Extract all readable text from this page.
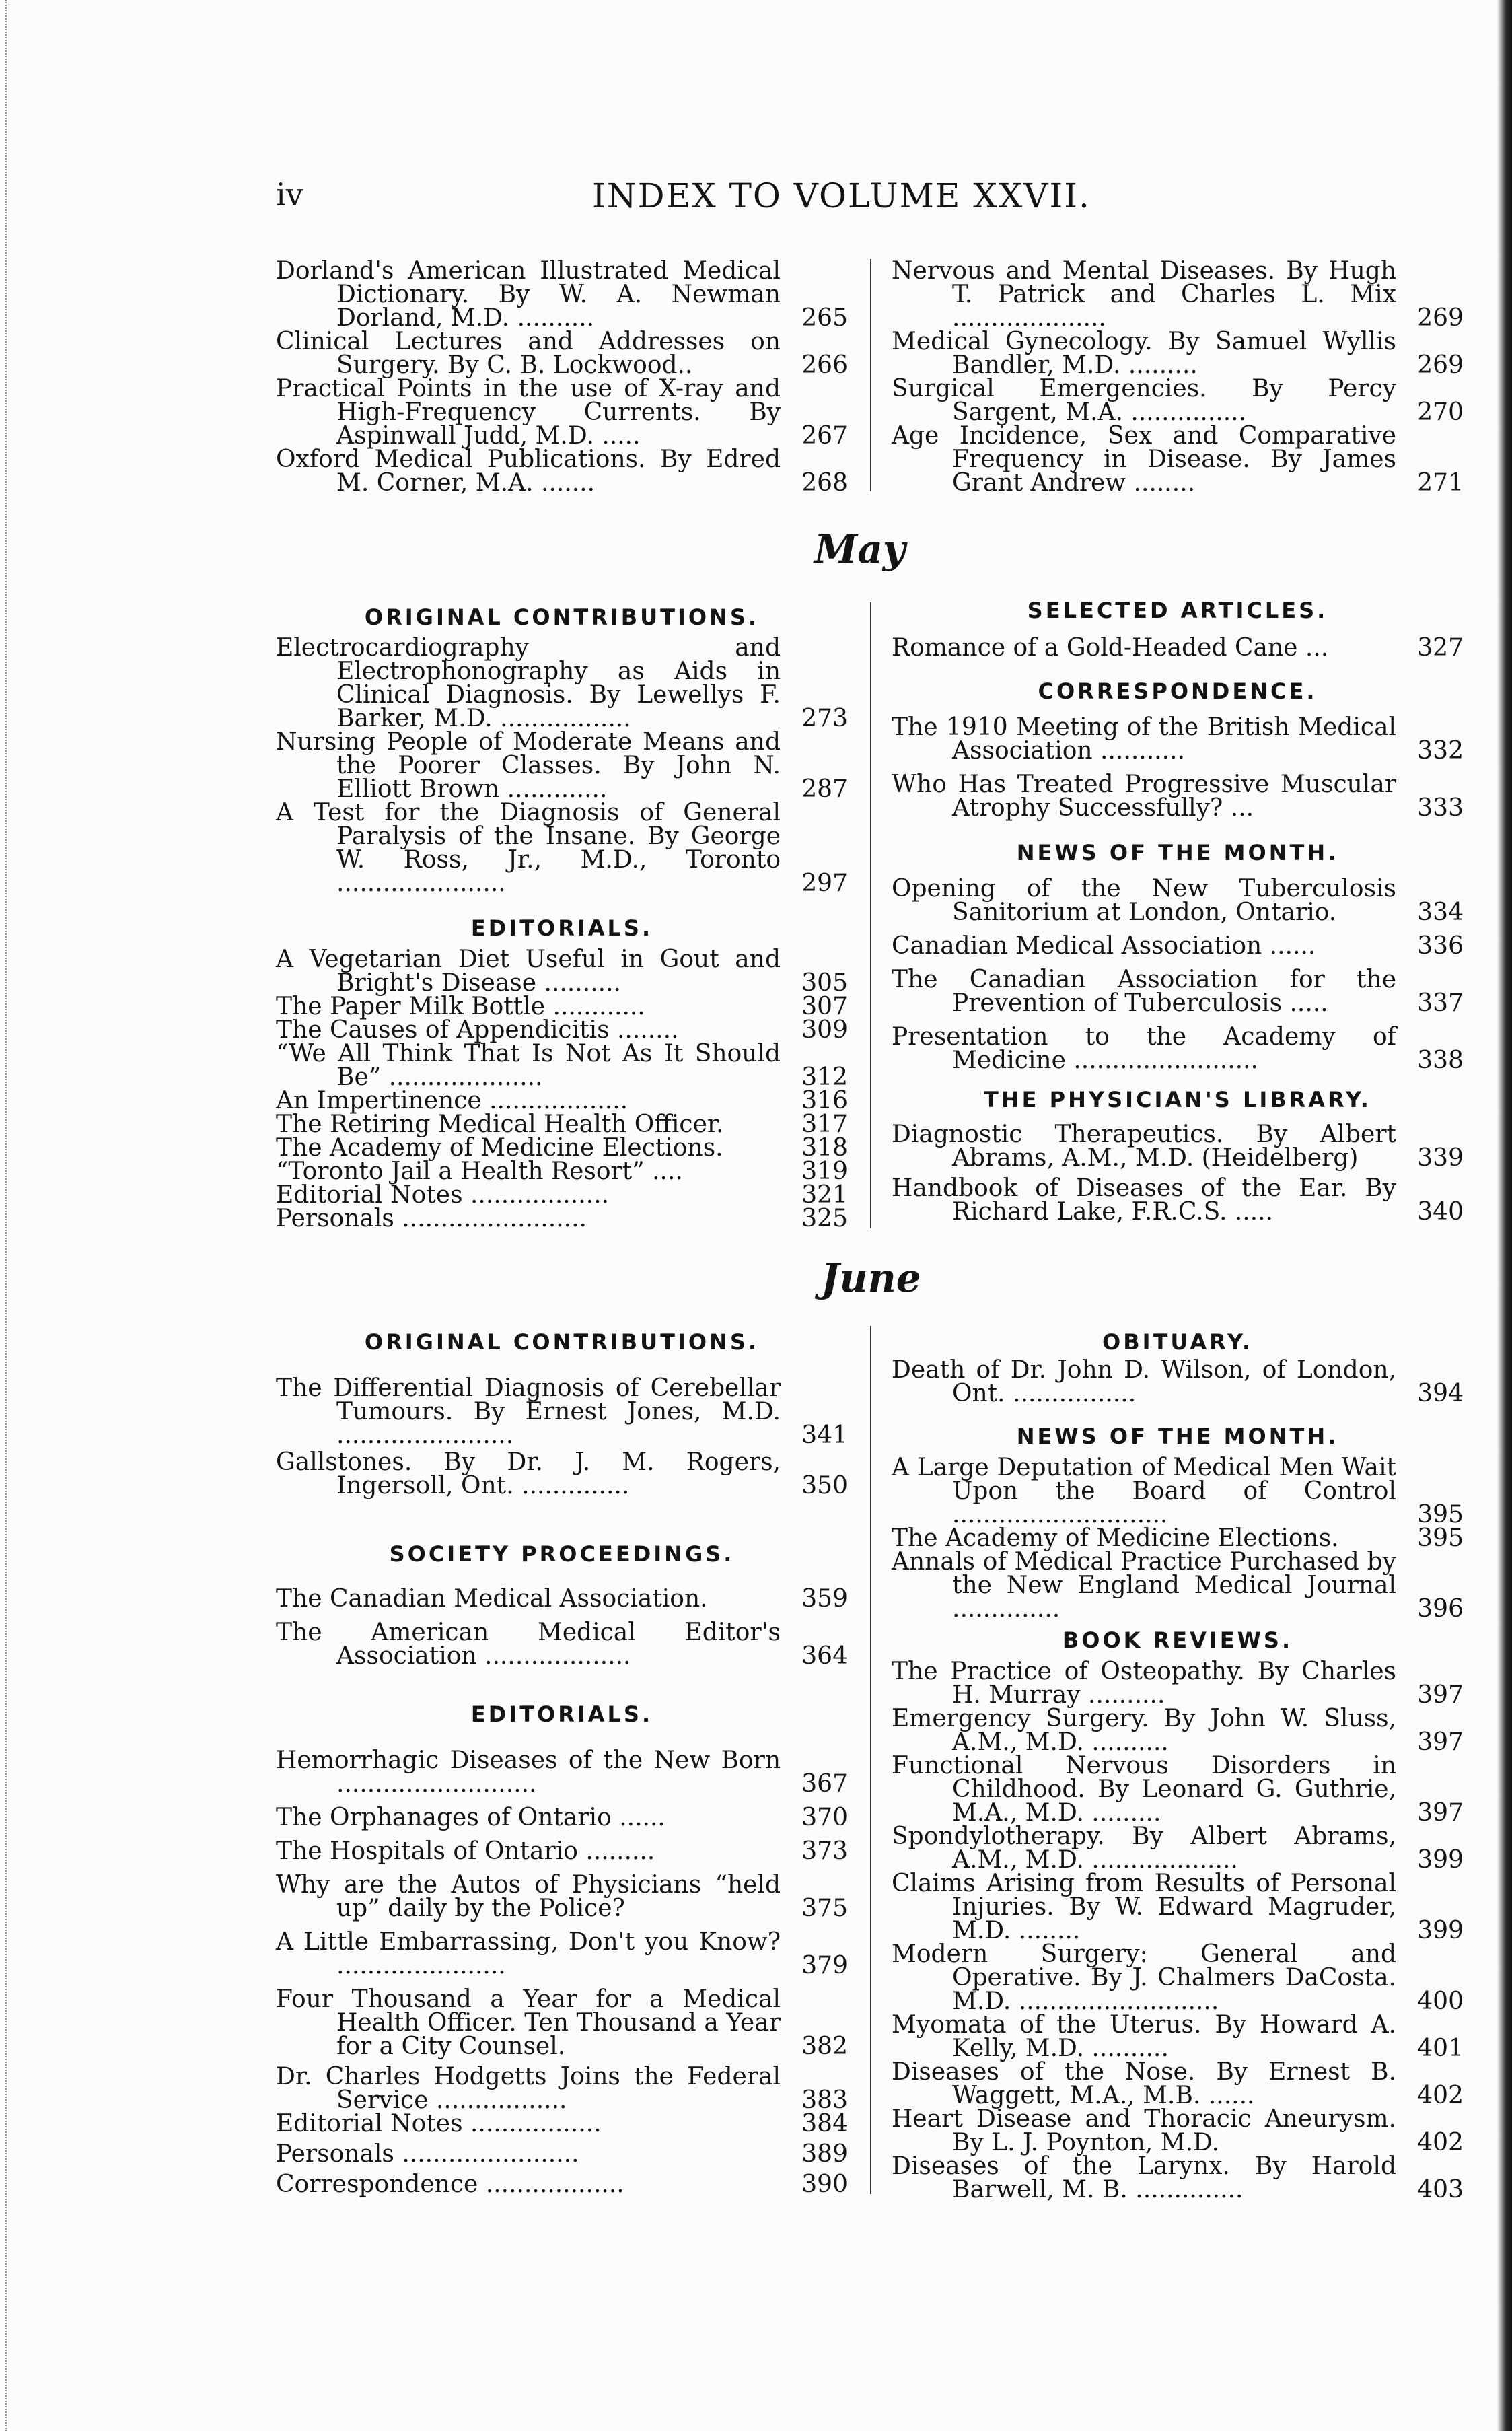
iv	INDEX TO VOLUME XXVII.
Dorland's American Illustrated Medical Dictionary. By W. A. Newman Dorland, M.D. ..........	265
Clinical Lectures and Addresses on Surgery. By C. B. Lockwood..	266
Practical Points in the use of X-ray and High-Frequency Currents. By Aspinwall Judd, M.D. .....	267
Oxford Medical Publications. By Edred M. Corner, M.A. .......	268
Nervous and Mental Diseases. By Hugh T. Patrick and Charles L. Mix ....................	269
Medical Gynecology. By Samuel Wyllis Bandler, M.D. .........	269
Surgical Emergencies. By Percy Sargent, M.A. ...............	270
Age Incidence, Sex and Comparative Frequency in Disease. By James Grant Andrew ........	271
May
ORIGINAL CONTRIBUTIONS.
Electrocardiography and Electrophonography as Aids in Clinical Diagnosis. By Lewellys F. Barker, M.D. .................	273
Nursing People of Moderate Means and the Poorer Classes. By John N. Elliott Brown .............	287
A Test for the Diagnosis of General Paralysis of the Insane. By George W. Ross, Jr., M.D., Toronto ......................	297
EDITORIALS.
A Vegetarian Diet Useful in Gout and Bright's Disease ..........	305
The Paper Milk Bottle ............	307
The Causes of Appendicitis ........	309
“We All Think That Is Not As It Should Be” ....................	312
An Impertinence ..................	316
The Retiring Medical Health Officer.	317
The Academy of Medicine Elections.	318
“Toronto Jail a Health Resort” ....	319
Editorial Notes ..................	321
Personals ........................	325
SELECTED ARTICLES.
Romance of a Gold-Headed Cane ...	327
CORRESPONDENCE.
The 1910 Meeting of the British Medical Association ...........	332
Who Has Treated Progressive Muscular Atrophy Successfully? ...	333
NEWS OF THE MONTH.
Opening of the New Tuberculosis Sanitorium at London, Ontario.	334
Canadian Medical Association ......	336
The Canadian Association for the Prevention of Tuberculosis .....	337
Presentation to the Academy of Medicine ........................	338
THE PHYSICIAN'S LIBRARY.
Diagnostic Therapeutics. By Albert Abrams, A.M., M.D. (Heidelberg)	339
Handbook of Diseases of the Ear. By Richard Lake, F.R.C.S. .....	340
June
ORIGINAL CONTRIBUTIONS.
The Differential Diagnosis of Cerebellar Tumours. By Ernest Jones, M.D. .......................	341
Gallstones. By Dr. J. M. Rogers, Ingersoll, Ont. ..............	350
SOCIETY PROCEEDINGS.
The Canadian Medical Association.	359
The American Medical Editor's Association ...................	364
EDITORIALS.
Hemorrhagic Diseases of the New Born ..........................	367
The Orphanages of Ontario ......	370
The Hospitals of Ontario .........	373
Why are the Autos of Physicians “held up” daily by the Police?	375
A Little Embarrassing, Don't you Know? ......................	379
Four Thousand a Year for a Medical Health Officer. Ten Thousand a Year for a City Counsel.	382
Dr. Charles Hodgetts Joins the Federal Service .................	383
Editorial Notes .................	384
Personals .......................	389
Correspondence ..................	390
OBITUARY.
Death of Dr. John D. Wilson, of London, Ont. ................	394
NEWS OF THE MONTH.
A Large Deputation of Medical Men Wait Upon the Board of Control ............................	395
The Academy of Medicine Elections.	395
Annals of Medical Practice Purchased by the New England Medical Journal ..............	396
BOOK REVIEWS.
The Practice of Osteopathy. By Charles H. Murray ..........	397
Emergency Surgery. By John W. Sluss, A.M., M.D. ..........	397
Functional Nervous Disorders in Childhood. By Leonard G. Guthrie, M.A., M.D. .........	397
Spondylotherapy. By Albert Abrams, A.M., M.D. ...................	399
Claims Arising from Results of Personal Injuries. By W. Edward Magruder, M.D. ........	399
Modern Surgery: General and Operative. By J. Chalmers DaCosta. M.D. ..........................	400
Myomata of the Uterus. By Howard A. Kelly, M.D. ..........	401
Diseases of the Nose. By Ernest B. Waggett, M.A., M.B. ......	402
Heart Disease and Thoracic Aneurysm. By L. J. Poynton, M.D.	402
Diseases of the Larynx. By Harold Barwell, M. B. ..............	403
